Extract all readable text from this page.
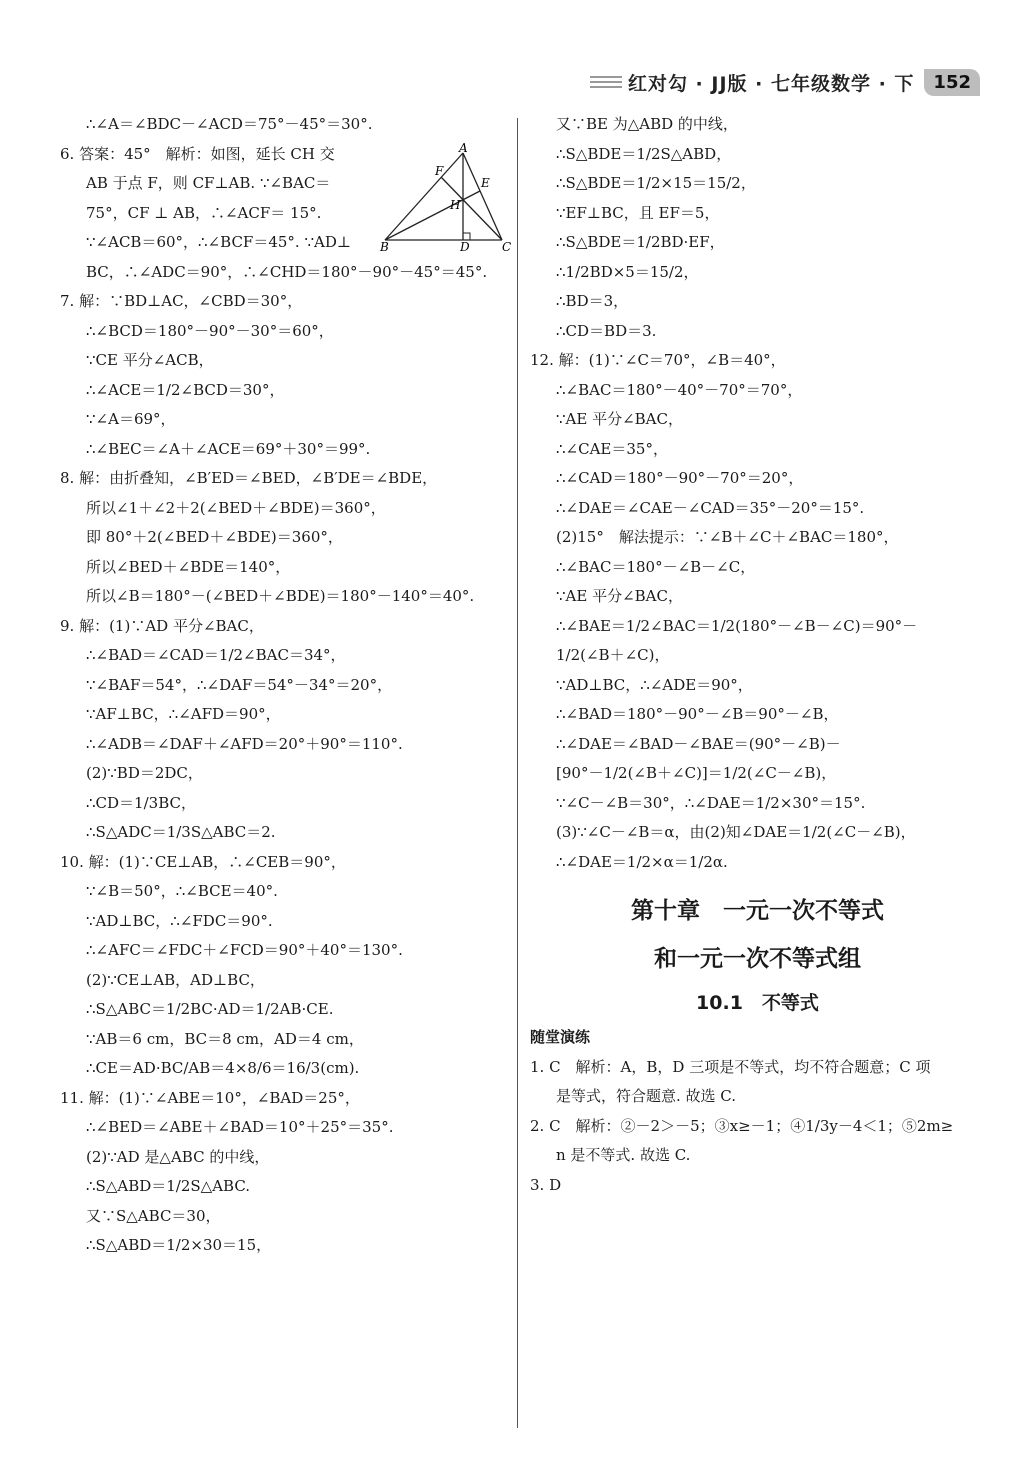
红对勾 · JJ版 · 七年级数学 · 下	152
A
B	C
D
E
F
H
∴∠A＝∠BDC－∠ACD＝75°－45°＝30°.
6. 答案：45°　解析：如图，延长 CH 交
AB 于点 F，则 CF⊥AB. ∵∠BAC＝
75°，CF ⊥ AB，∴∠ACF＝ 15°.
∵∠ACB＝60°，∴∠BCF＝45°. ∵AD⊥
BC，∴∠ADC＝90°，∴∠CHD＝180°－90°－45°＝45°.
7. 解：∵BD⊥AC，∠CBD＝30°，
∴∠BCD＝180°－90°－30°＝60°，
∵CE 平分∠ACB，
∴∠ACE＝1/2∠BCD＝30°，
∵∠A＝69°，
∴∠BEC＝∠A＋∠ACE＝69°＋30°＝99°.
8. 解：由折叠知，∠B′ED＝∠BED，∠B′DE＝∠BDE，
所以∠1＋∠2＋2(∠BED＋∠BDE)＝360°，
即 80°＋2(∠BED＋∠BDE)＝360°，
所以∠BED＋∠BDE＝140°，
所以∠B＝180°－(∠BED＋∠BDE)＝180°－140°＝40°.
9. 解：(1)∵AD 平分∠BAC，
∴∠BAD＝∠CAD＝1/2∠BAC＝34°，
∵∠BAF＝54°，∴∠DAF＝54°－34°＝20°，
∵AF⊥BC，∴∠AFD＝90°，
∴∠ADB＝∠DAF＋∠AFD＝20°＋90°＝110°.
(2)∵BD＝2DC，
∴CD＝1/3BC，
∴S△ADC＝1/3S△ABC＝2.
10. 解：(1)∵CE⊥AB，∴∠CEB＝90°，
∵∠B＝50°，∴∠BCE＝40°.
∵AD⊥BC，∴∠FDC＝90°.
∴∠AFC＝∠FDC＋∠FCD＝90°＋40°＝130°.
(2)∵CE⊥AB，AD⊥BC，
∴S△ABC＝1/2BC·AD＝1/2AB·CE.
∵AB＝6 cm，BC＝8 cm，AD＝4 cm，
∴CE＝AD·BC/AB＝4×8/6＝16/3(cm).
11. 解：(1)∵∠ABE＝10°，∠BAD＝25°，
∴∠BED＝∠ABE＋∠BAD＝10°＋25°＝35°.
(2)∵AD 是△ABC 的中线，
∴S△ABD＝1/2S△ABC.
又∵S△ABC＝30，
∴S△ABD＝1/2×30＝15，
又∵BE 为△ABD 的中线，
∴S△BDE＝1/2S△ABD，
∴S△BDE＝1/2×15＝15/2，
∵EF⊥BC，且 EF＝5，
∴S△BDE＝1/2BD·EF，
∴1/2BD×5＝15/2，
∴BD＝3，
∴CD＝BD＝3.
12. 解：(1)∵∠C＝70°，∠B＝40°，
∴∠BAC＝180°－40°－70°＝70°，
∵AE 平分∠BAC，
∴∠CAE＝35°，
∴∠CAD＝180°－90°－70°＝20°，
∴∠DAE＝∠CAE－∠CAD＝35°－20°＝15°.
(2)15°　解法提示：∵∠B＋∠C＋∠BAC＝180°，
∴∠BAC＝180°－∠B－∠C，
∵AE 平分∠BAC，
∴∠BAE＝1/2∠BAC＝1/2(180°－∠B－∠C)＝90°－
1/2(∠B＋∠C)，
∵AD⊥BC，∴∠ADE＝90°，
∴∠BAD＝180°－90°－∠B＝90°－∠B，
∴∠DAE＝∠BAD－∠BAE＝(90°－∠B)－
[90°－1/2(∠B＋∠C)]＝1/2(∠C－∠B)，
∵∠C－∠B＝30°，∴∠DAE＝1/2×30°＝15°.
(3)∵∠C－∠B＝α，由(2)知∠DAE＝1/2(∠C－∠B)，
∴∠DAE＝1/2×α＝1/2α.
第十章　一元一次不等式
和一元一次不等式组
10.1　不等式
随堂演练
1. C　解析：A，B，D 三项是不等式，均不符合题意；C 项
是等式，符合题意. 故选 C.
2. C　解析：②－2＞－5；③x≥－1；④1/3y－4＜1；⑤2m≥
n 是不等式. 故选 C.
3. D
